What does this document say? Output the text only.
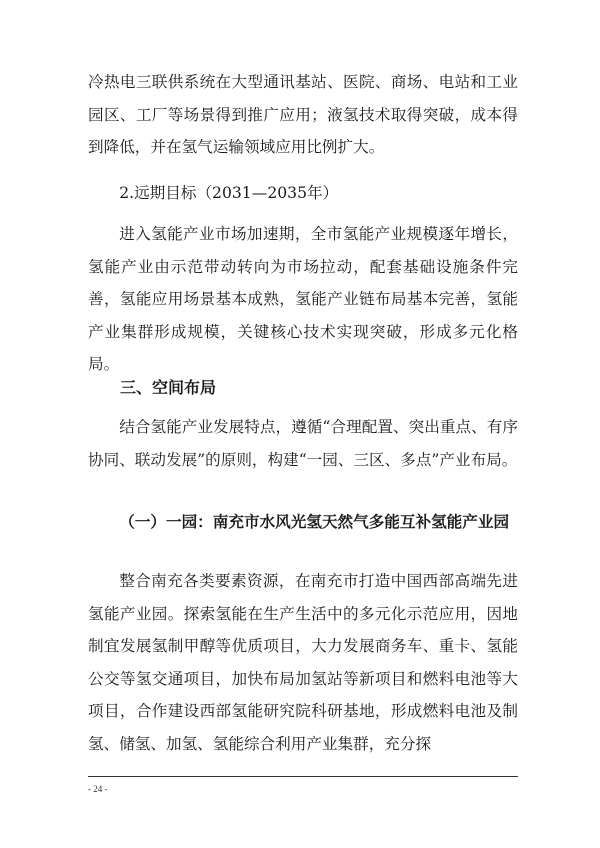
冷热电三联供系统在大型通讯基站、医院、商场、电站和工业园区、工厂等场景得到推广应用；液氢技术取得突破，成本得到降低，并在氢气运输领域应用比例扩大。

2.远期目标（2031—2035年）

进入氢能产业市场加速期，全市氢能产业规模逐年增长，氢能产业由示范带动转向为市场拉动，配套基础设施条件完善，氢能应用场景基本成熟，氢能产业链布局基本完善，氢能产业集群形成规模，关键核心技术实现突破，形成多元化格局。

三、空间布局

结合氢能产业发展特点，遵循“合理配置、突出重点、有序协同、联动发展”的原则，构建“一园、三区、多点”产业布局。

（一）一园：南充市水风光氢天然气多能互补氢能产业园

整合南充各类要素资源，在南充市打造中国西部高端先进氢能产业园。探索氢能在生产生活中的多元化示范应用，因地制宜发展氢制甲醇等优质项目，大力发展商务车、重卡、氢能公交等氢交通项目，加快布局加氢站等新项目和燃料电池等大项目，合作建设西部氢能研究院科研基地，形成燃料电池及制氢、储氢、加氢、氢能综合利用产业集群，充分探

- 24 -
